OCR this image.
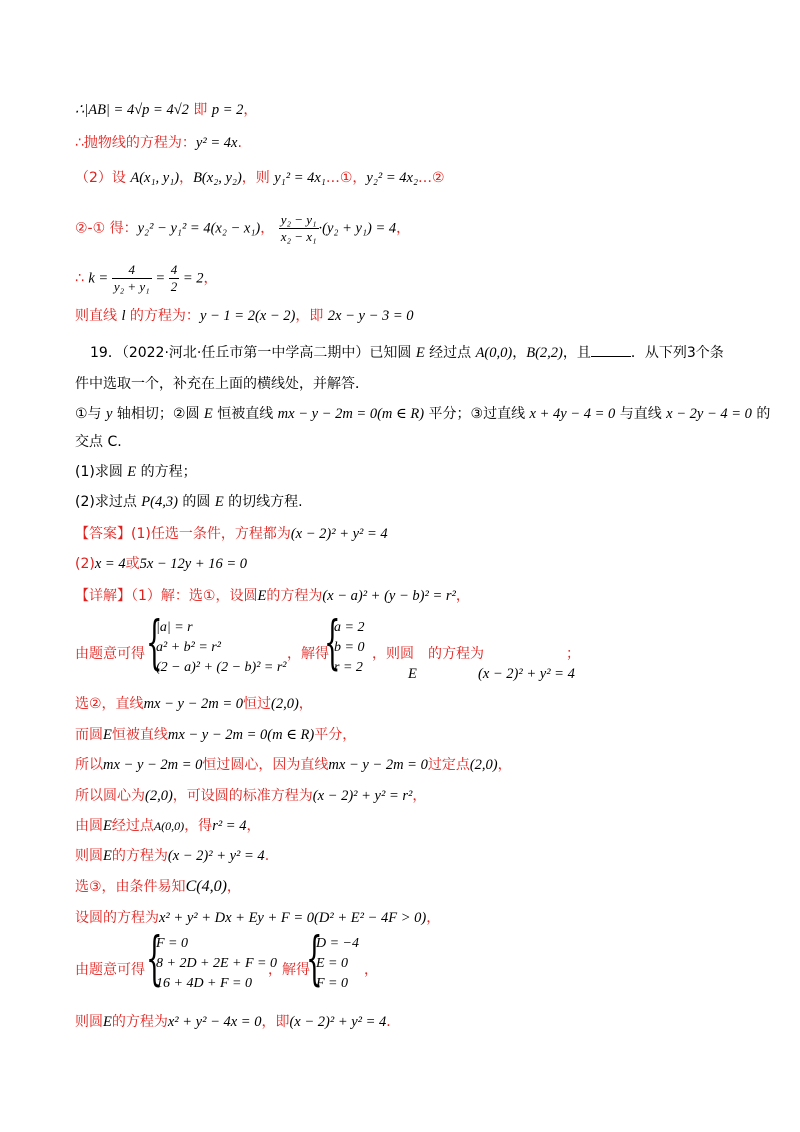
∴|AB| = 4√p = 4√2 即 p = 2，
∴抛物线的方程为：y² = 4x.
（2）设 A(x₁, y₁)，B(x₂, y₂)，则 y₁² = 4x₁…①，y₂² = 4x₂…②
②-① 得：y₂² − y₁² = 4(x₂ − x₁)， $\frac{\text{y₂ − y₁}}{\text{x₂ − x₁}} \cdot(y_2 + y_1) = 4$，
∴ $k = \frac{4}{\text{y₂ + y₁}} = \frac{4}{2} = 2$，
则直线 l 的方程为：y − 1 = 2(x − 2)，即 2x − y − 3 = 0
19．（2022·河北·任丘市第一中学高二期中）已知圆 E 经过点 A(0,0)，B(2,2)，且	．从下列3个条
件中选取一个，补充在上面的横线处，并解答．
①与 y 轴相切；②圆 E 恒被直线 mx − y − 2m = 0(m ∈ R) 平分；③过直线 x + 4y − 4 = 0 与直线 x − 2y − 4 = 0 的
交点 C.
(1)求圆 E 的方程；
(2)求过点 P(4,3) 的圆 E 的切线方程.
【答案】(1)任选一条件，方程都为(x − 2)² + y² = 4
(2)x = 4或5x − 12y + 16 = 0
【详解】（1）解：选①，设圆E的方程为(x − a)² + (y − b)² = r²，
由题意可得 {
|a| = r
a² + b² = r²
(2 − a)² + (2 − b)² = r²
，解得
{
a = 2
b = 0
r = 2
，则圆 的方程为
E	(x − 2)² + y² = 4
；
选②，直线mx − y − 2m = 0恒过(2,0)，
而圆E恒被直线mx − y − 2m = 0(m ∈ R)平分，
所以mx − y − 2m = 0恒过圆心，因为直线mx − y − 2m = 0过定点(2,0)，
所以圆心为(2,0)，可设圆的标准方程为(x − 2)² + y² = r²，
由圆E经过点A(0,0)，得r² = 4，
则圆E的方程为(x − 2)² + y² = 4.
选③，由条件易知C(4,0)，
设圆的方程为x² + y² + Dx + Ey + F = 0(D² + E² − 4F > 0)，
由题意可得 {
F = 0
8 + 2D + 2E + F = 0
16 + 4D + F = 0
，解得
{
D = −4
E = 0
F = 0
，
则圆E的方程为x² + y² − 4x = 0，即(x − 2)² + y² = 4.
